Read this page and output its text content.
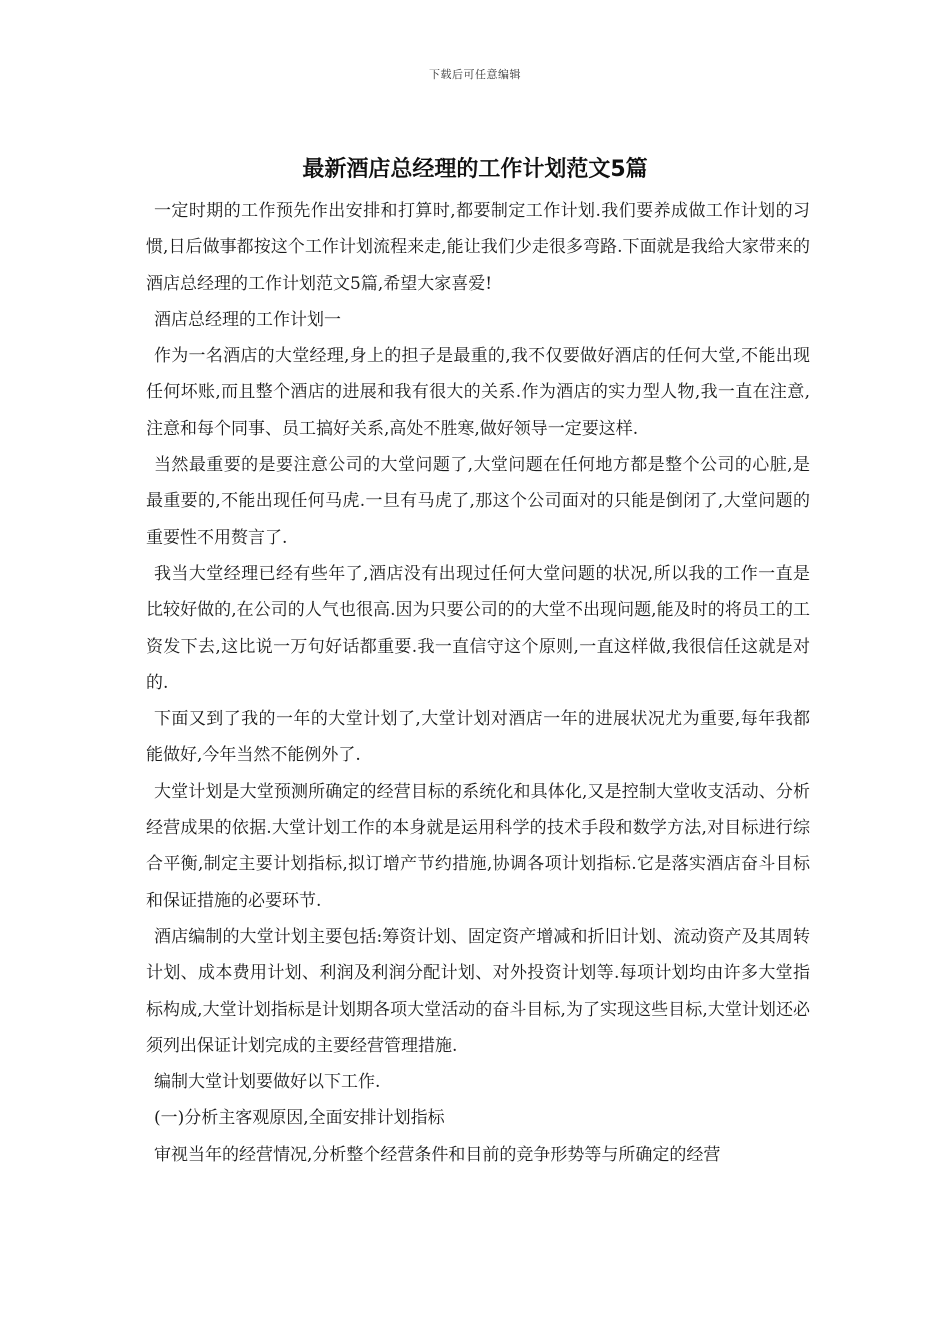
下载后可任意编辑
最新酒店总经理的工作计划范文5篇

一定时期的工作预先作出安排和打算时,都要制定工作计划.我们要养成做工作计划的习惯,日后做事都按这个工作计划流程来走,能让我们少走很多弯路.下面就是我给大家带来的酒店总经理的工作计划范文5篇,希望大家喜爱!

酒店总经理的工作计划一

作为一名酒店的大堂经理,身上的担子是最重的,我不仅要做好酒店的任何大堂,不能出现任何坏账,而且整个酒店的进展和我有很大的关系.作为酒店的实力型人物,我一直在注意,注意和每个同事、员工搞好关系,高处不胜寒,做好领导一定要这样.

当然最重要的是要注意公司的大堂问题了,大堂问题在任何地方都是整个公司的心脏,是最重要的,不能出现任何马虎.一旦有马虎了,那这个公司面对的只能是倒闭了,大堂问题的重要性不用赘言了.

我当大堂经理已经有些年了,酒店没有出现过任何大堂问题的状况,所以我的工作一直是比较好做的,在公司的人气也很高.因为只要公司的的大堂不出现问题,能及时的将员工的工资发下去,这比说一万句好话都重要.我一直信守这个原则,一直这样做,我很信任这就是对的.

下面又到了我的一年的大堂计划了,大堂计划对酒店一年的进展状况尤为重要,每年我都能做好,今年当然不能例外了.

大堂计划是大堂预测所确定的经营目标的系统化和具体化,又是控制大堂收支活动、分析经营成果的依据.大堂计划工作的本身就是运用科学的技术手段和数学方法,对目标进行综合平衡,制定主要计划指标,拟订增产节约措施,协调各项计划指标.它是落实酒店奋斗目标和保证措施的必要环节.

酒店编制的大堂计划主要包括:筹资计划、固定资产增减和折旧计划、流动资产及其周转计划、成本费用计划、利润及利润分配计划、对外投资计划等.每项计划均由许多大堂指标构成,大堂计划指标是计划期各项大堂活动的奋斗目标,为了实现这些目标,大堂计划还必须列出保证计划完成的主要经营管理措施.

编制大堂计划要做好以下工作.

(一)分析主客观原因,全面安排计划指标

审视当年的经营情况,分析整个经营条件和目前的竞争形势等与所确定的经营
